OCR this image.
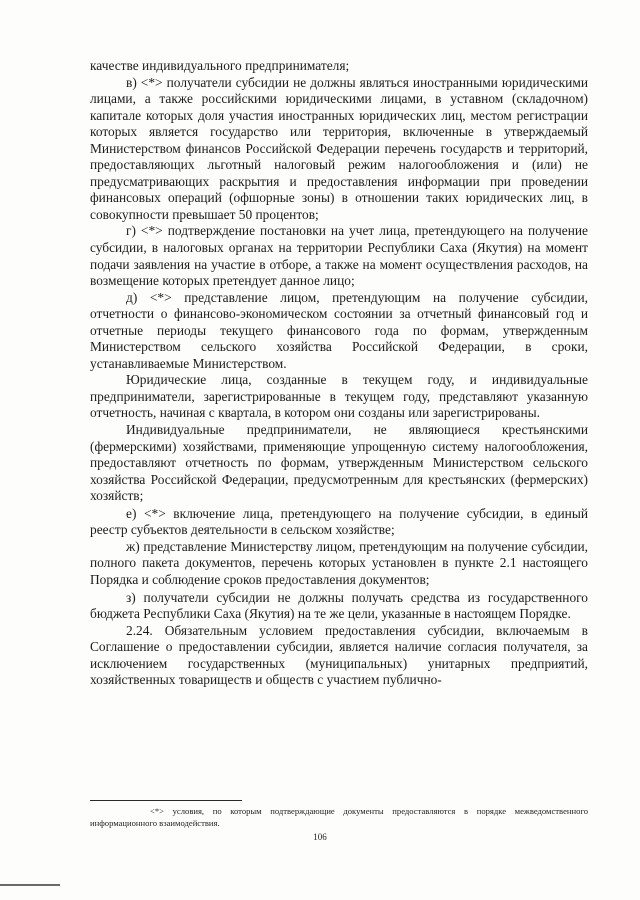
качестве индивидуального предпринимателя;

в) <*> получатели субсидии не должны являться иностранными юридическими лицами, а также российскими юридическими лицами, в уставном (складочном) капитале которых доля участия иностранных юридических лиц, местом регистрации которых является государство или территория, включенные в утверждаемый Министерством финансов Российской Федерации перечень государств и территорий, предоставляющих льготный налоговый режим налогообложения и (или) не предусматривающих раскрытия и предоставления информации при проведении финансовых операций (офшорные зоны) в отношении таких юридических лиц, в совокупности превышает 50 процентов;

г) <*> подтверждение постановки на учет лица, претендующего на получение субсидии, в налоговых органах на территории Республики Саха (Якутия) на момент подачи заявления на участие в отборе, а также на момент осуществления расходов, на возмещение которых претендует данное лицо;

д) <*> представление лицом, претендующим на получение субсидии, отчетности о финансово-экономическом состоянии за отчетный финансовый год и отчетные периоды текущего финансового года по формам, утвержденным Министерством сельского хозяйства Российской Федерации, в сроки, устанавливаемые Министерством.

Юридические лица, созданные в текущем году, и индивидуальные предприниматели, зарегистрированные в текущем году, представляют указанную отчетность, начиная с квартала, в котором они созданы или зарегистрированы.

Индивидуальные предприниматели, не являющиеся крестьянскими (фермерскими) хозяйствами, применяющие упрощенную систему налогообложения, предоставляют отчетность по формам, утвержденным Министерством сельского хозяйства Российской Федерации, предусмотренным для крестьянских (фермерских) хозяйств;

е) <*> включение лица, претендующего на получение субсидии, в единый реестр субъектов деятельности в сельском хозяйстве;

ж) представление Министерству лицом, претендующим на получение субсидии, полного пакета документов, перечень которых установлен в пункте 2.1 настоящего Порядка и соблюдение сроков предоставления документов;

з) получатели субсидии не должны получать средства из государственного бюджета Республики Саха (Якутия) на те же цели, указанные в настоящем Порядке.

2.24. Обязательным условием предоставления субсидии, включаемым в Соглашение о предоставлении субсидии, является наличие согласия получателя, за исключением государственных (муниципальных) унитарных предприятий, хозяйственных товариществ и обществ с участием публично-

<*> условия, по которым подтверждающие документы предоставляются в порядке межведомственного информационного взаимодействия.

106
